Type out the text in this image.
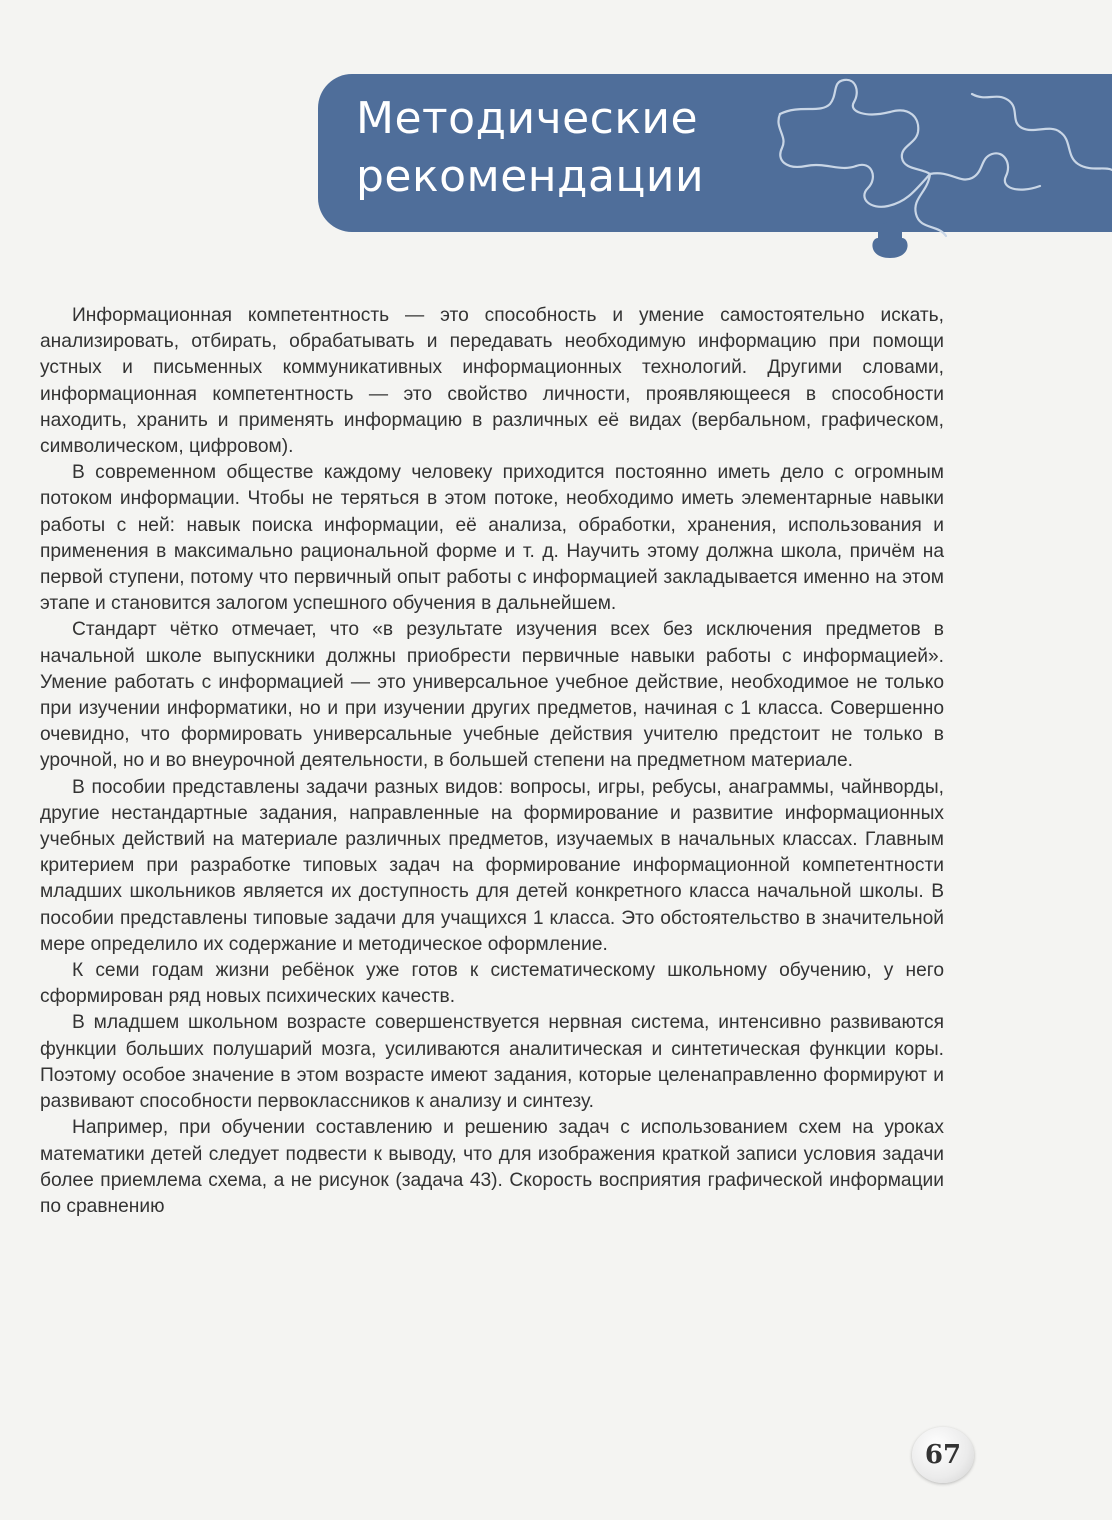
Методические
рекомендации

Информационная компетентность — это способность и умение самостоятельно искать, анализировать, отбирать, обрабатывать и передавать необходимую информацию при помощи устных и письменных коммуникативных информационных технологий. Другими словами, информационная компетентность — это свойство личности, проявляющееся в способности находить, хранить и применять информацию в различных её видах (вербальном, графическом, символическом, цифровом).

В современном обществе каждому человеку приходится постоянно иметь дело с огромным потоком информации. Чтобы не теряться в этом потоке, необходимо иметь элементарные навыки работы с ней: навык поиска информации, её анализа, обработки, хранения, использования и применения в максимально рациональной форме и т. д. Научить этому должна школа, причём на первой ступени, потому что первичный опыт работы с информацией закладывается именно на этом этапе и становится залогом успешного обучения в дальнейшем.

Стандарт чётко отмечает, что «в результате изучения всех без исключения предметов в начальной школе выпускники должны приобрести первичные навыки работы с информацией». Умение работать с информацией — это универсальное учебное действие, необходимое не только при изучении информатики, но и при изучении других предметов, начиная с 1 класса. Совершенно очевидно, что формировать универсальные учебные действия учителю предстоит не только в урочной, но и во внеурочной деятельности, в большей степени на предметном материале.

В пособии представлены задачи разных видов: вопросы, игры, ребусы, анаграммы, чайнворды, другие нестандартные задания, направленные на формирование и развитие информационных учебных действий на материале различных предметов, изучаемых в начальных классах. Главным критерием при разработке типовых задач на формирование информационной компетентности младших школьников является их доступность для детей конкретного класса начальной школы. В пособии представлены типовые задачи для учащихся 1 класса. Это обстоятельство в значительной мере определило их содержание и методическое оформление.

К семи годам жизни ребёнок уже готов к систематическому школьному обучению, у него сформирован ряд новых психических качеств.

В младшем школьном возрасте совершенствуется нервная система, интенсивно развиваются функции больших полушарий мозга, усиливаются аналитическая и синтетическая функции коры. Поэтому особое значение в этом возрасте имеют задания, которые целенаправленно формируют и развивают способности первоклассников к анализу и синтезу.

Например, при обучении составлению и решению задач с использованием схем на уроках математики детей следует подвести к выводу, что для изображения краткой записи условия задачи более приемлема схема, а не рисунок (задача 43). Скорость восприятия графической информации по сравнению

67
